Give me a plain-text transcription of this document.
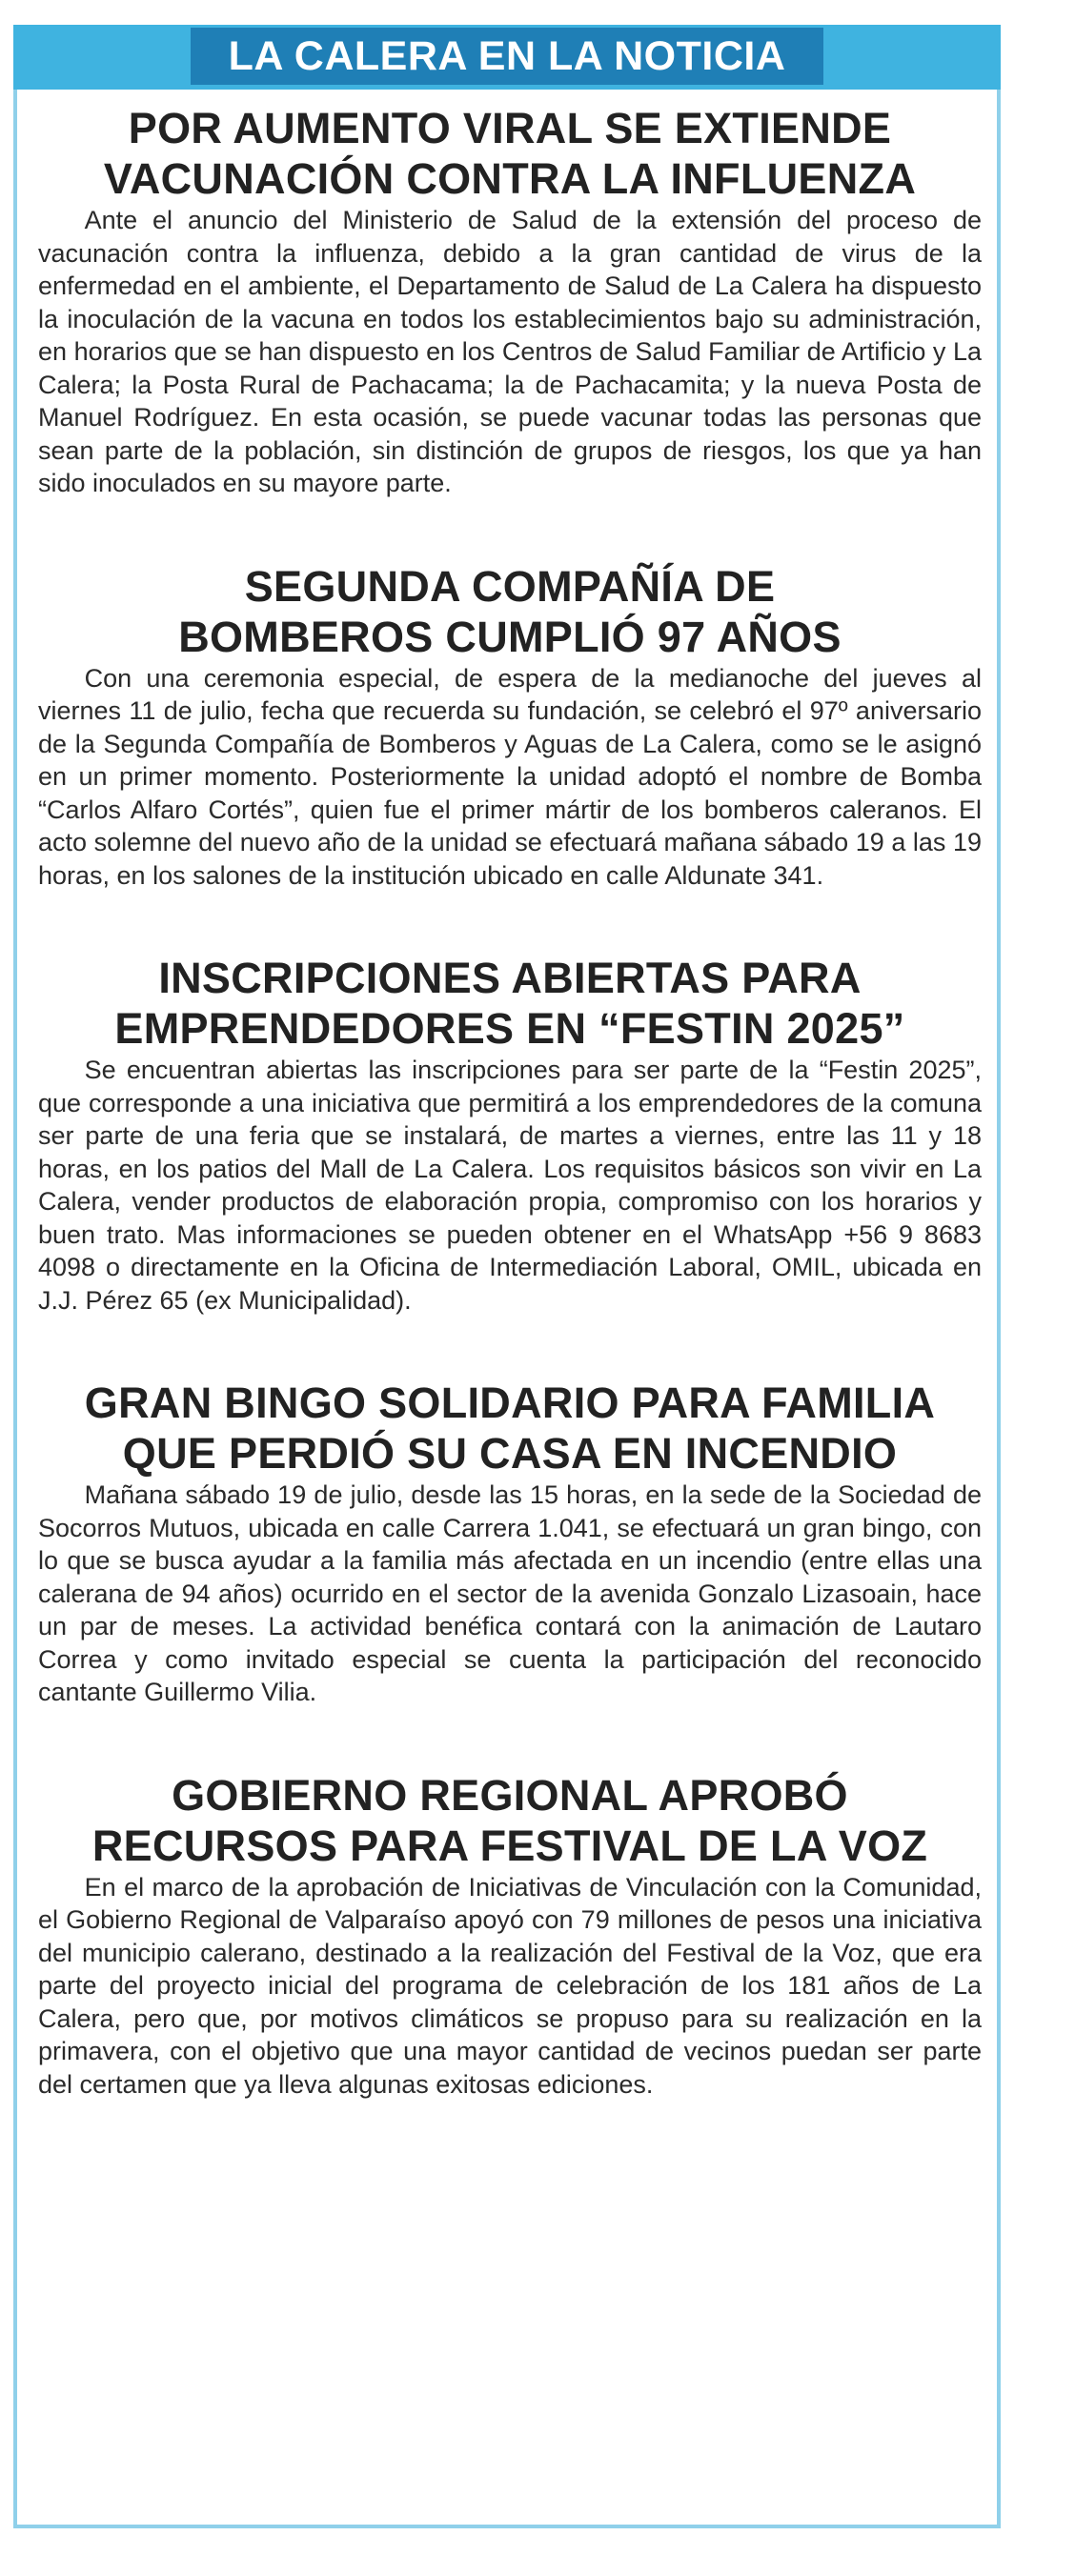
LA CALERA EN LA NOTICIA
POR AUMENTO VIRAL SE EXTIENDE
VACUNACIÓN CONTRA LA INFLUENZA

Ante el anuncio del Ministerio de Salud de la extensión del proceso de vacunación contra la influenza, debido a la gran cantidad de virus de la enfermedad en el ambiente, el Departamento de Salud de La Calera ha dispuesto la inoculación de la vacuna en todos los establecimientos bajo su administración, en horarios que se han dispuesto en los Centros de Salud Familiar de Artificio y La Calera; la Posta Rural de Pachacama; la de Pachacamita; y la nueva Posta de Manuel Rodríguez. En esta ocasión, se puede vacunar todas las personas que sean parte de la población, sin distinción de grupos de riesgos, los que ya han sido inoculados en su mayore parte.

SEGUNDA COMPAÑÍA DE
BOMBEROS CUMPLIÓ 97 AÑOS

Con una ceremonia especial, de espera de la medianoche del jueves al viernes 11 de julio, fecha que recuerda su fundación, se celebró el 97º aniversario de la Segunda Compañía de Bomberos y Aguas de La Calera, como se le asignó en un primer momento. Posteriormente la unidad adoptó el nombre de Bomba “Carlos Alfaro Cortés”, quien fue el primer mártir de los bomberos caleranos. El acto solemne del nuevo año de la unidad se efectuará mañana sábado 19 a las 19 horas, en los salones de la institución ubicado en calle Aldunate 341.

INSCRIPCIONES ABIERTAS PARA
EMPRENDEDORES EN “FESTIN 2025”

Se encuentran abiertas las inscripciones para ser parte de la “Festin 2025”, que corresponde a una iniciativa que permitirá a los emprendedores de la comuna ser parte de una feria que se instalará, de martes a viernes, entre las 11 y 18 horas, en los patios del Mall de La Calera. Los requisitos básicos son vivir en La Calera, vender productos de elaboración propia, compromiso con los horarios y buen trato. Mas informaciones se pueden obtener en el WhatsApp +56 9 8683 4098 o directamente en la Oficina de Intermediación Laboral, OMIL, ubicada en J.J. Pérez 65 (ex Municipalidad).

GRAN BINGO SOLIDARIO PARA FAMILIA
QUE PERDIÓ SU CASA EN INCENDIO

Mañana sábado 19 de julio, desde las 15 horas, en la sede de la Sociedad de Socorros Mutuos, ubicada en calle Carrera 1.041, se efectuará un gran bingo, con lo que se busca ayudar a la familia más afectada en un incendio (entre ellas una calerana de 94 años) ocurrido en el sector de la avenida Gonzalo Lizasoain, hace un par de meses. La actividad benéfica contará con la animación de Lautaro Correa y como invitado especial se cuenta la participación del reconocido cantante Guillermo Vilia.

GOBIERNO REGIONAL APROBÓ
RECURSOS PARA FESTIVAL DE LA VOZ

En el marco de la aprobación de Iniciativas de Vinculación con la Comunidad, el Gobierno Regional de Valparaíso apoyó con 79 millones de pesos una iniciativa del municipio calerano, destinado a la realización del Festival de la Voz, que era parte del proyecto inicial del programa de celebración de los 181 años de La Calera, pero que, por motivos climáticos se propuso para su realización en la primavera, con el objetivo que una mayor cantidad de vecinos puedan ser parte del certamen que ya lleva algunas exitosas ediciones.
